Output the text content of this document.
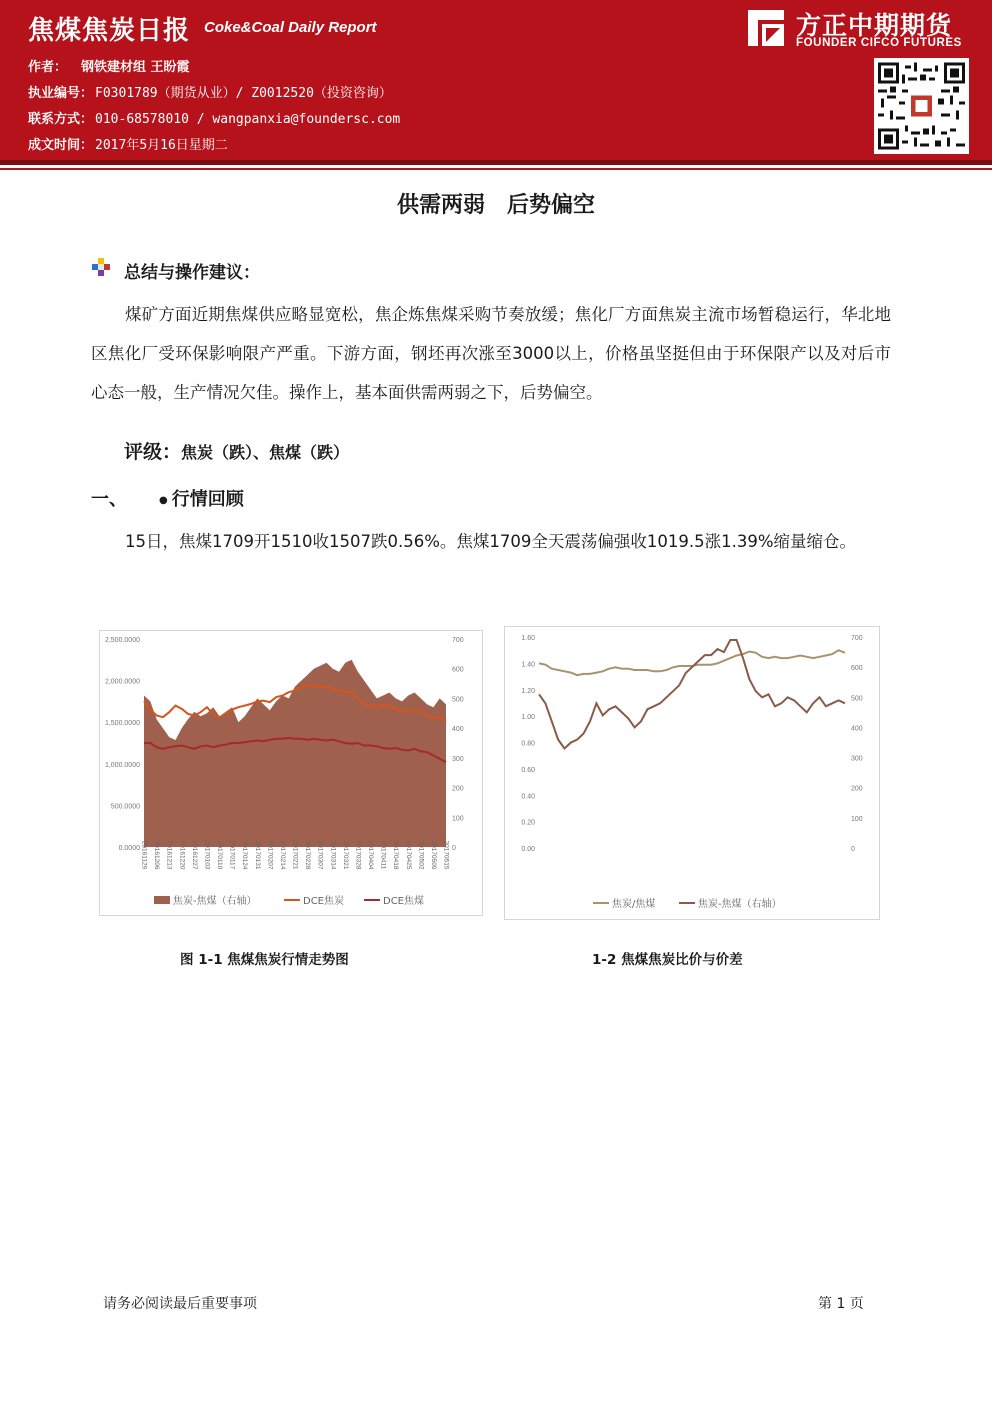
焦煤焦炭日报 Coke&Coal Daily Report	方正中期期货
FOUNDER CIFCO FUTURES
作者： 钢铁建材组 王盼霞
执业编号： F0301789（期货从业）/ Z0012520（投资咨询）
联系方式： 010-68578010 / wangpanxia@foundersc.com
成文时间： 2017年5月16日星期二
供需两弱　后势偏空
总结与操作建议：
煤矿方面近期焦煤供应略显宽松，焦企炼焦煤采购节奏放缓；焦化厂方面焦炭主流市场暂稳运行，华北地区焦化厂受环保影响限产严重。下游方面，钢坯再次涨至3000以上，价格虽坚挺但由于环保限产以及对后市心态一般，生产情况欠佳。操作上，基本面供需两弱之下，后势偏空。
评级：焦炭（跌）、焦煤（跌）
一、	● 行情回顾
15日，焦煤1709开1510收1507跌0.56%。焦煤1709全天震荡偏强收1019.5涨1.39%缩量缩仓。
2,500.0000
2,000.0000
1,500.0000
1,000.0000
500.0000
0.0000
700
600
500
400
300
200
100
0
20161129 20161206 20161213 20161220 20161227 20170103 20170110 20170117 20170124 20170131 20170207 20170214 20170221 20170228 20170307 20170314 20170321 20170328 20170404 20170411 20170418 20170425 20170502 20170509 20170515
焦炭-焦煤（右轴）	DCE焦炭	DCE焦煤
1.60
1.40
1.20
1.00
0.80
0.60
0.40
0.20
0.00
700
600
500
400
300
200
100
0
焦炭/焦煤	焦炭-焦煤（右轴）
图 1-1 焦煤焦炭行情走势图	1-2 焦煤焦炭比价与价差
请务必阅读最后重要事项	第 1 页
